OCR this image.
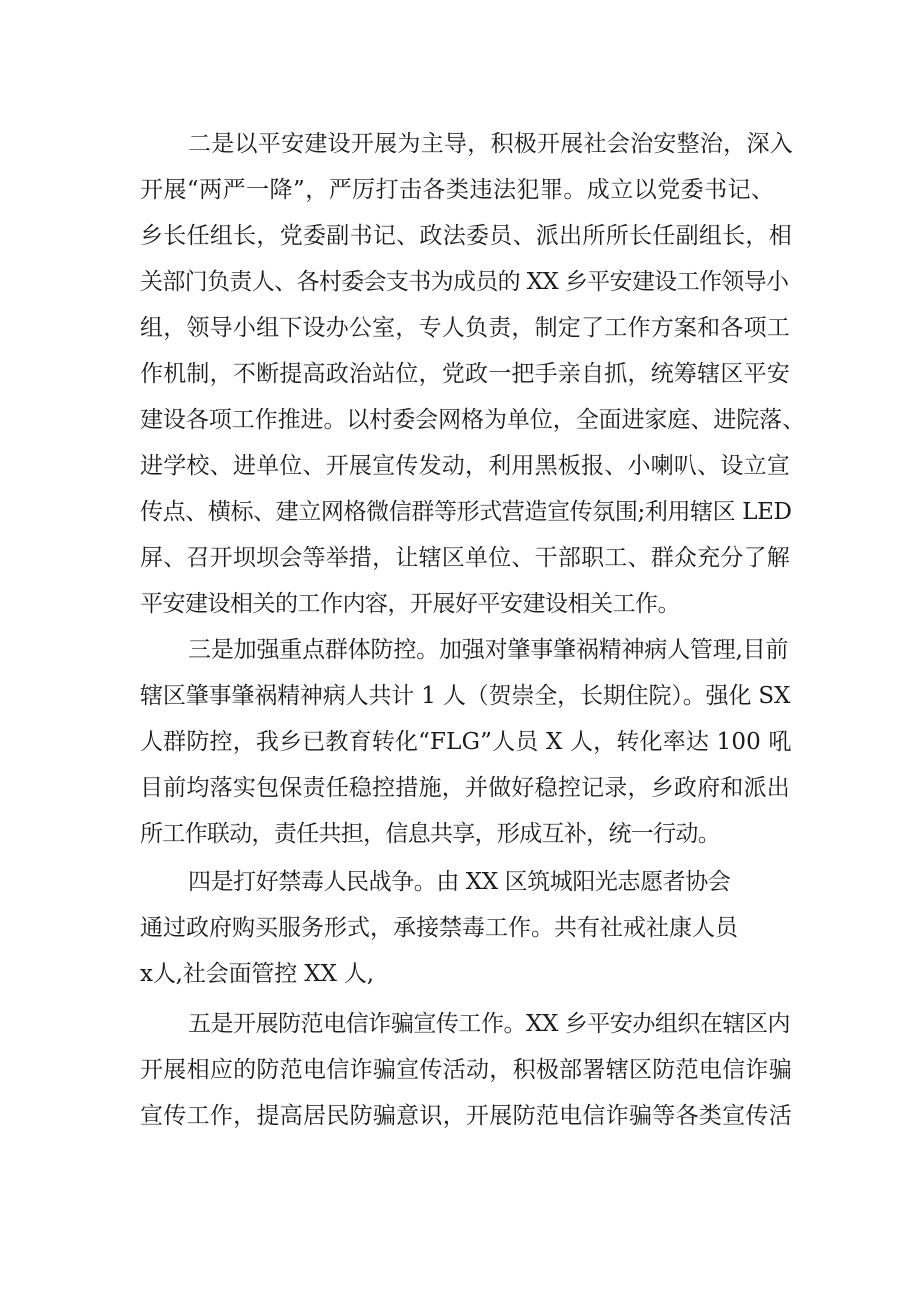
二是以平安建设开展为主导，积极开展社会治安整治，深入
开展“两严一降”，严厉打击各类违法犯罪。成立以党委书记、
乡长任组长，党委副书记、政法委员、派出所所长任副组长，相
关部门负责人、各村委会支书为成员的 XX 乡平安建设工作领导小
组，领导小组下设办公室，专人负责，制定了工作方案和各项工
作机制，不断提高政治站位，党政一把手亲自抓，统筹辖区平安
建设各项工作推进。以村委会网格为单位，全面进家庭、进院落、
进学校、进单位、开展宣传发动，利用黑板报、小喇叭、设立宣
传点、横标、建立网格微信群等形式营造宣传氛围;利用辖区 LED
屏、召开坝坝会等举措，让辖区单位、干部职工、群众充分了解
平安建设相关的工作内容，开展好平安建设相关工作。
三是加强重点群体防控。加强对肇事肇祸精神病人管理,目前
辖区肇事肇祸精神病人共计 1 人（贺崇全，长期住院）。强化 SX
人群防控，我乡已教育转化“FLG”人员 X 人，转化率达 100 吼
目前均落实包保责任稳控措施，并做好稳控记录，乡政府和派出
所工作联动，责任共担，信息共享，形成互补，统一行动。
四是打好禁毒人民战争。由 XX 区筑城阳光志愿者协会
通过政府购买服务形式，承接禁毒工作。共有社戒社康人员
x人,社会面管控 XX 人,
五是开展防范电信诈骗宣传工作。XX 乡平安办组织在辖区内
开展相应的防范电信诈骗宣传活动，积极部署辖区防范电信诈骗
宣传工作，提高居民防骗意识，开展防范电信诈骗等各类宣传活
